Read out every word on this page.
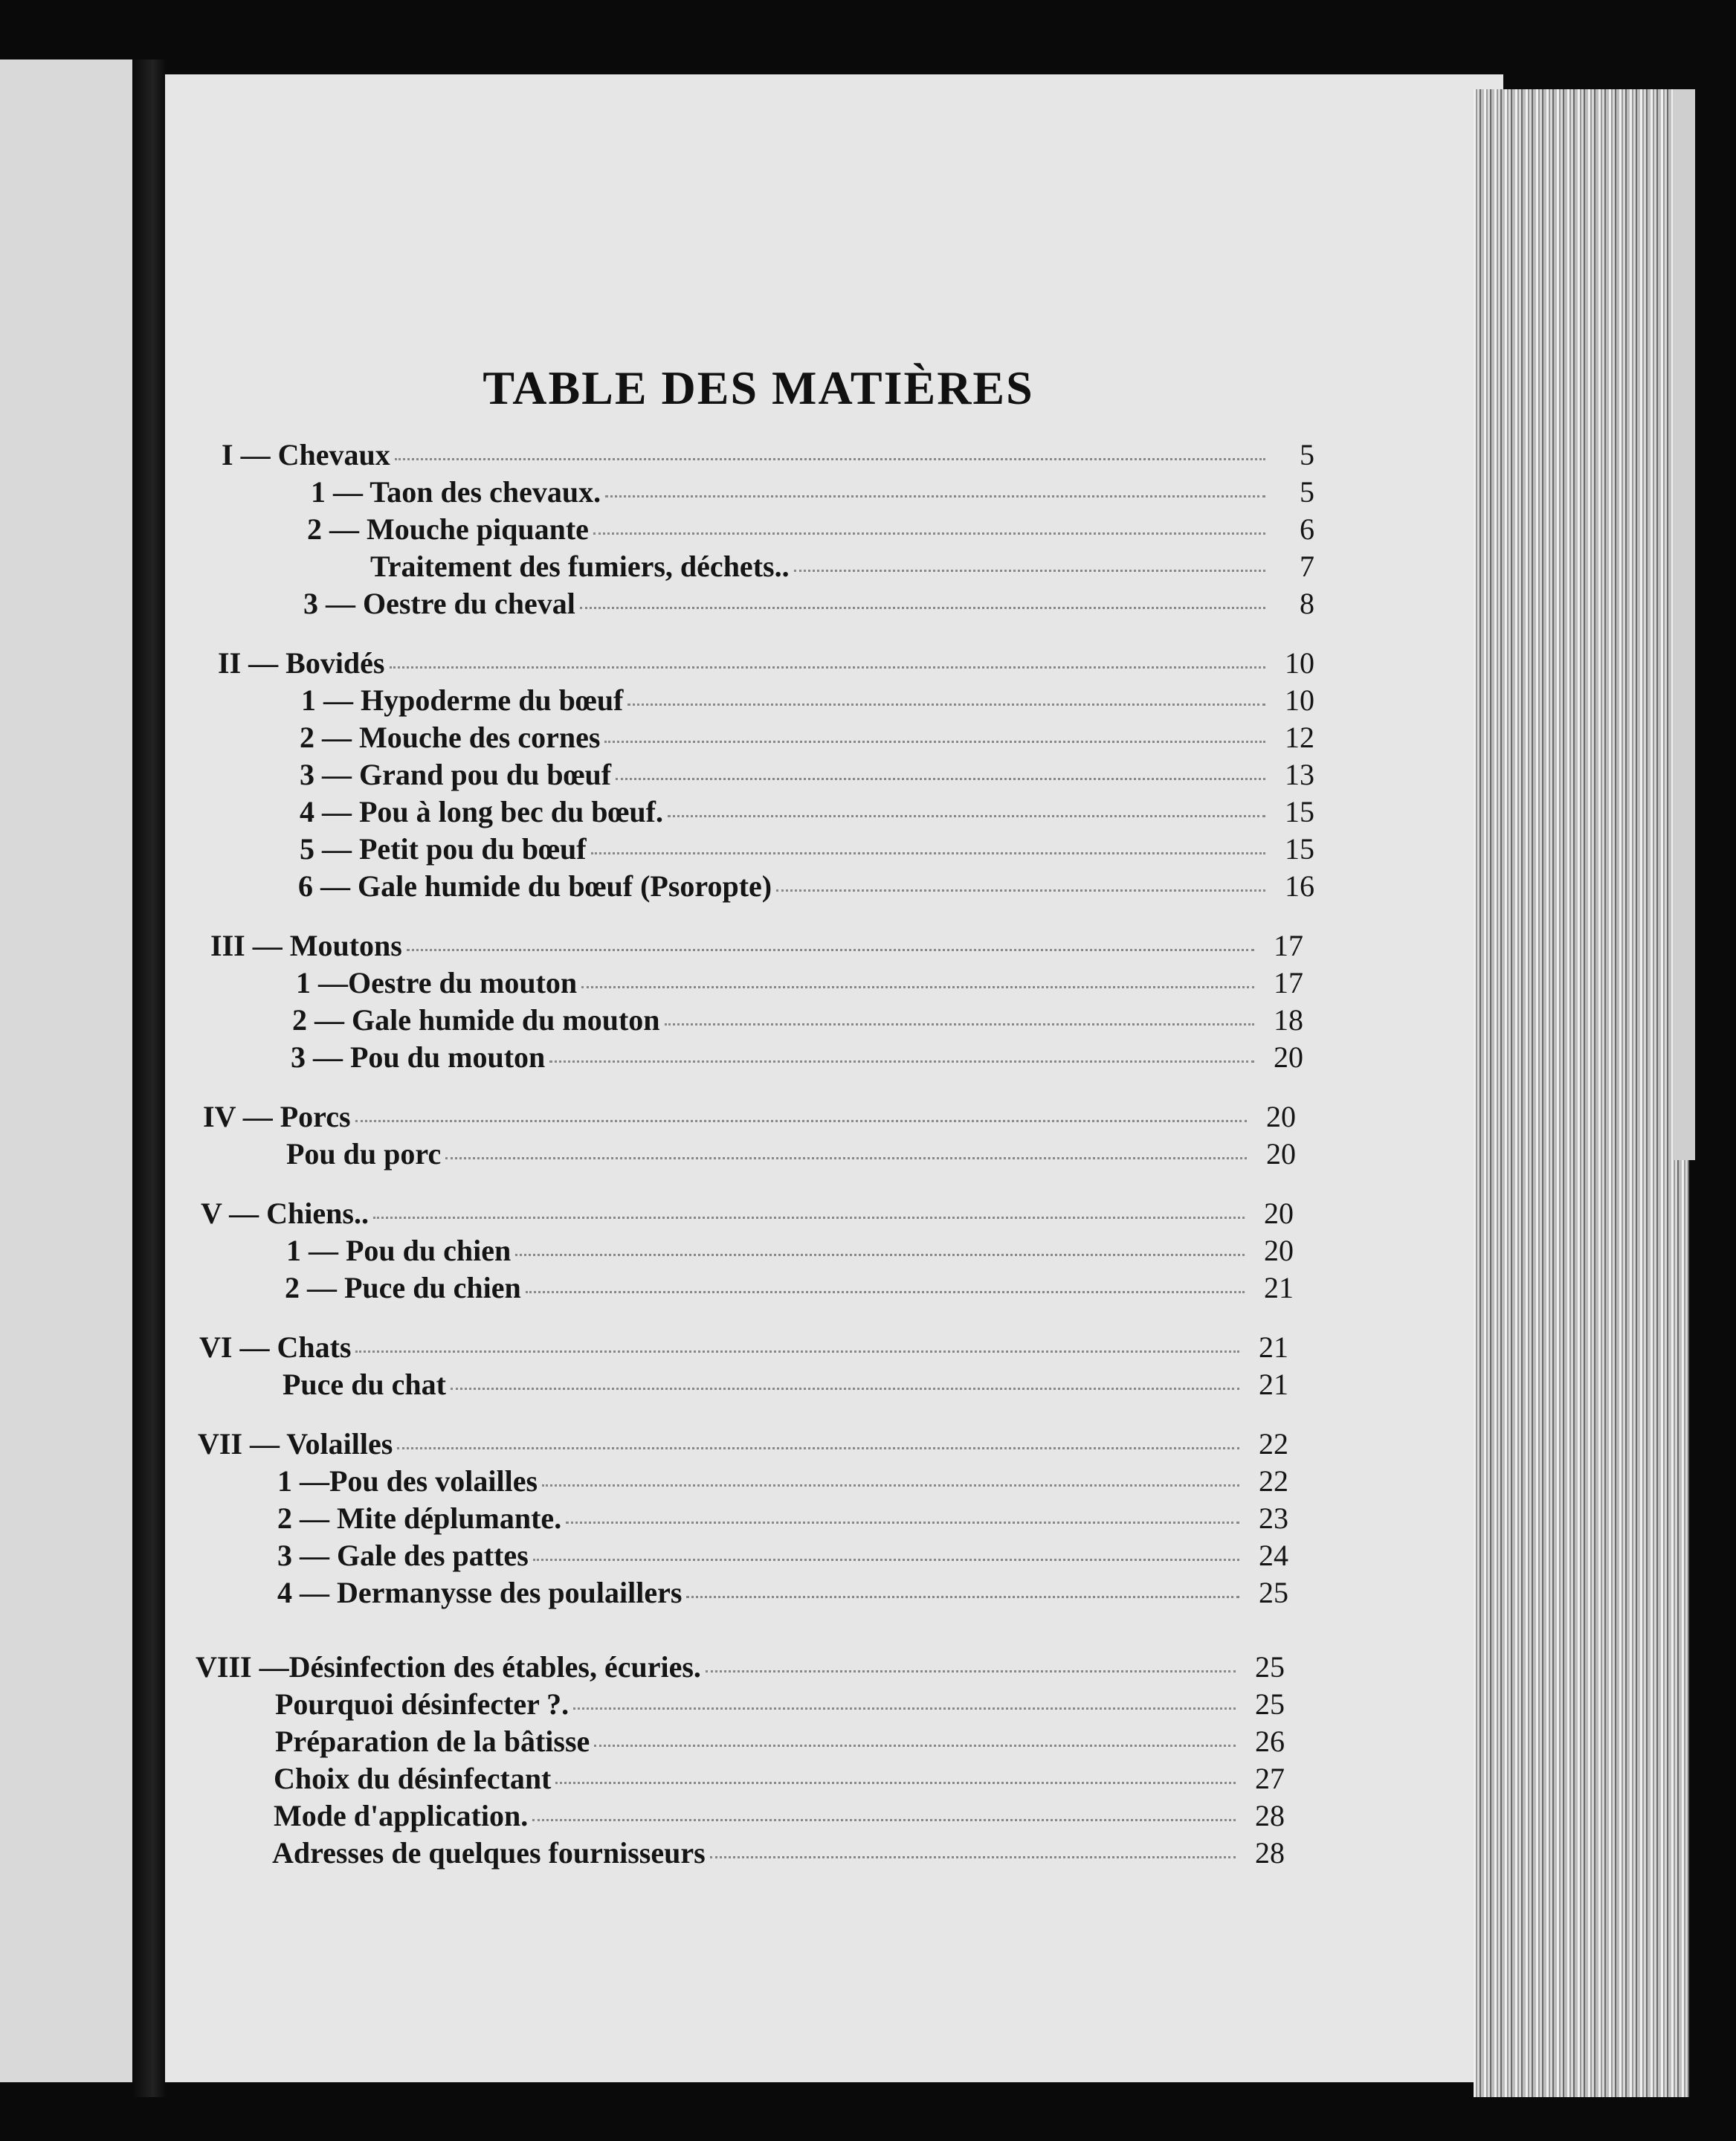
TABLE DES MATIÈRES
I — Chevaux	5
1 — Taon des chevaux.	5
2 — Mouche piquante	6
Traitement des fumiers, déchets..	7
3 — Oestre du cheval	8
II — Bovidés	10
1 — Hypoderme du bœuf	10
2 — Mouche des cornes	12
3 — Grand pou du bœuf	13
4 — Pou à long bec du bœuf.	15
5 — Petit pou du bœuf	15
6 — Gale humide du bœuf (Psoropte)	16
III — Moutons	17
1 —Oestre du mouton	17
2 — Gale humide du mouton	18
3 — Pou du mouton	20
IV — Porcs	20
Pou du porc	20
V — Chiens..	20
1 — Pou du chien	20
2 — Puce du chien	21
VI — Chats	21
Puce du chat	21
VII — Volailles	22
1 —Pou des volailles	22
2 — Mite déplumante.	23
3 — Gale des pattes	24
4 — Dermanysse des poulaillers	25
VIII —Désinfection des étables, écuries.	25
Pourquoi désinfecter ?.	25
Préparation de la bâtisse	26
Choix du désinfectant	27
Mode d'application.	28
Adresses de quelques fournisseurs	28
